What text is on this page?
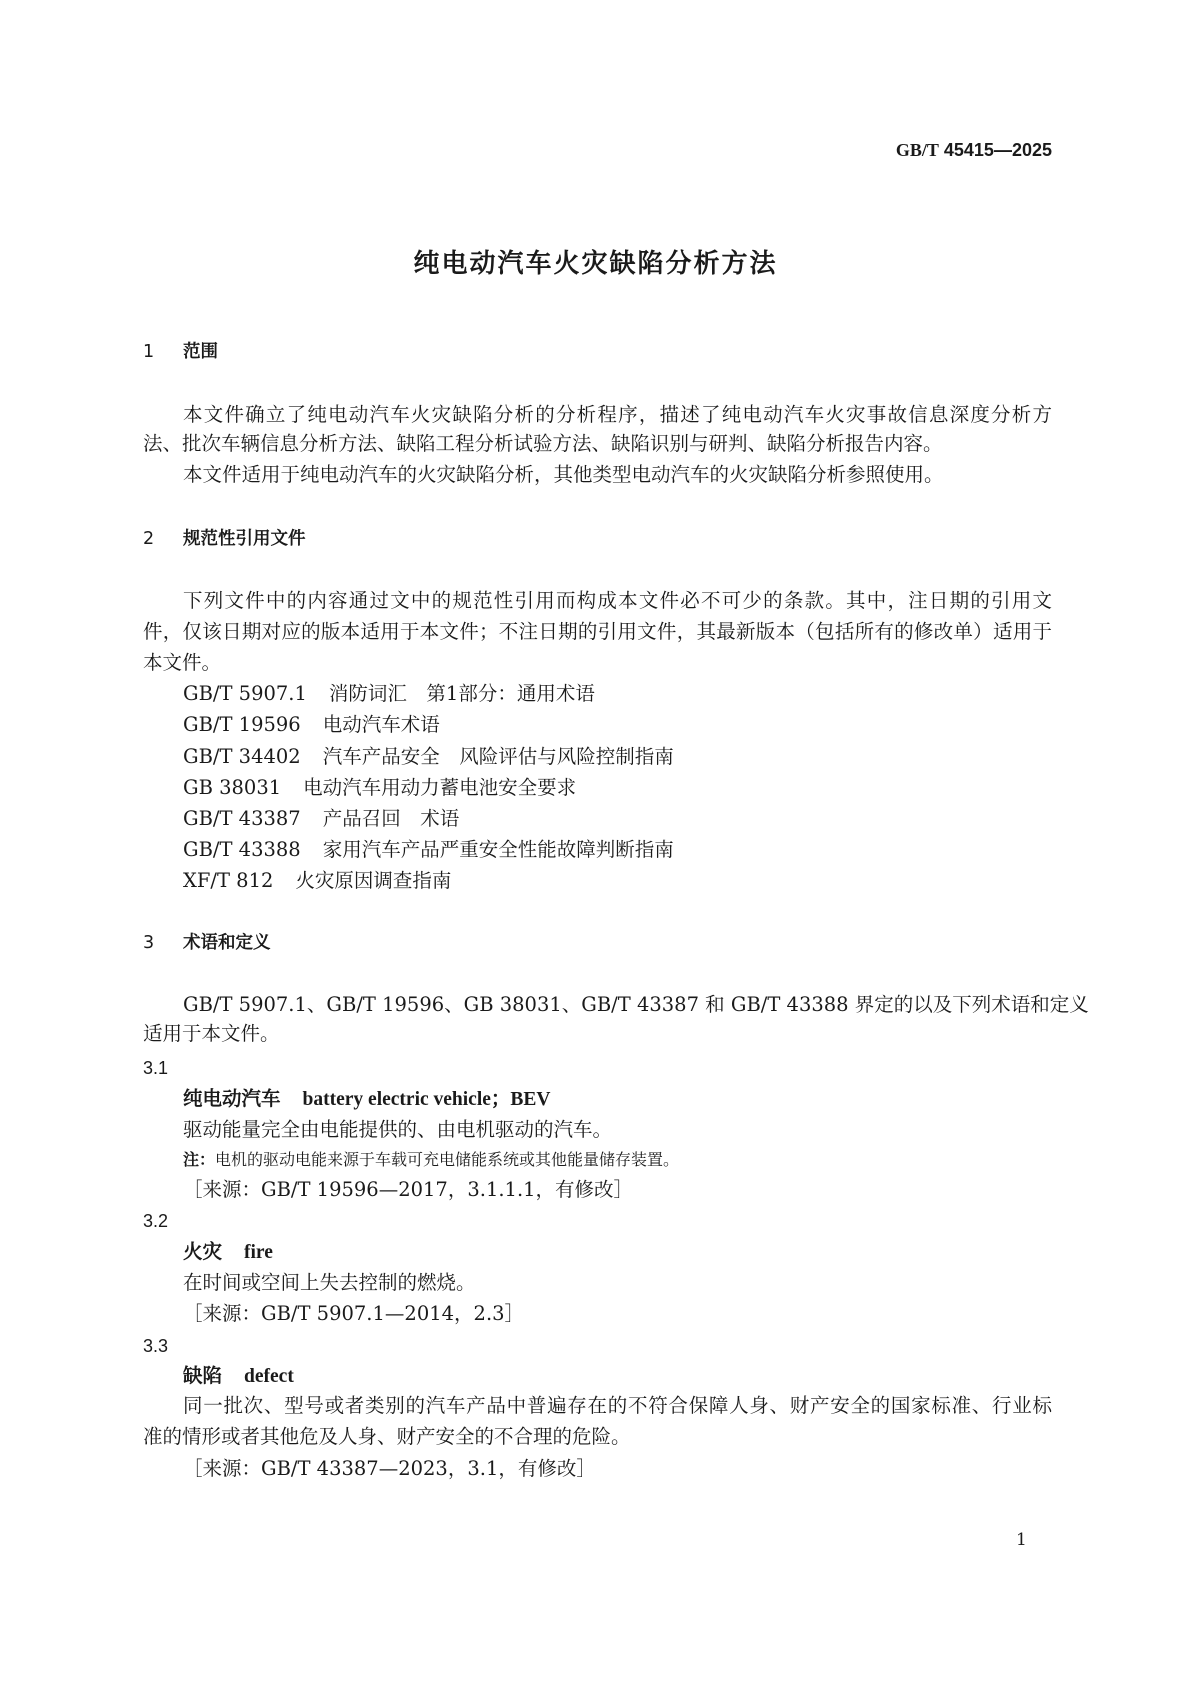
GB/T 45415—2025
纯电动汽车火灾缺陷分析方法
1 范围
本文件确立了纯电动汽车火灾缺陷分析的分析程序，描述了纯电动汽车火灾事故信息深度分析方
法、批次车辆信息分析方法、缺陷工程分析试验方法、缺陷识别与研判、缺陷分析报告内容。
本文件适用于纯电动汽车的火灾缺陷分析，其他类型电动汽车的火灾缺陷分析参照使用。
2 规范性引用文件
下列文件中的内容通过文中的规范性引用而构成本文件必不可少的条款。其中，注日期的引用文
件，仅该日期对应的版本适用于本文件；不注日期的引用文件，其最新版本（包括所有的修改单）适用于
本文件。
GB/T 5907.1 消防词汇　第1部分：通用术语
GB/T 19596 电动汽车术语
GB/T 34402 汽车产品安全　风险评估与风险控制指南
GB 38031 电动汽车用动力蓄电池安全要求
GB/T 43387 产品召回　术语
GB/T 43388 家用汽车产品严重安全性能故障判断指南
XF/T 812 火灾原因调查指南
3 术语和定义
GB/T 5907.1、GB/T 19596、GB 38031、GB/T 43387 和 GB/T 43388 界定的以及下列术语和定义
适用于本文件。
3.1
纯电动汽车 battery electric vehicle；BEV
驱动能量完全由电能提供的、由电机驱动的汽车。
注：电机的驱动电能来源于车载可充电储能系统或其他能量储存装置。
［来源：GB/T 19596—2017，3.1.1.1，有修改］
3.2
火灾 fire
在时间或空间上失去控制的燃烧。
［来源：GB/T 5907.1—2014，2.3］
3.3
缺陷 defect
同一批次、型号或者类别的汽车产品中普遍存在的不符合保障人身、财产安全的国家标准、行业标
准的情形或者其他危及人身、财产安全的不合理的危险。
［来源：GB/T 43387—2023，3.1，有修改］
1
